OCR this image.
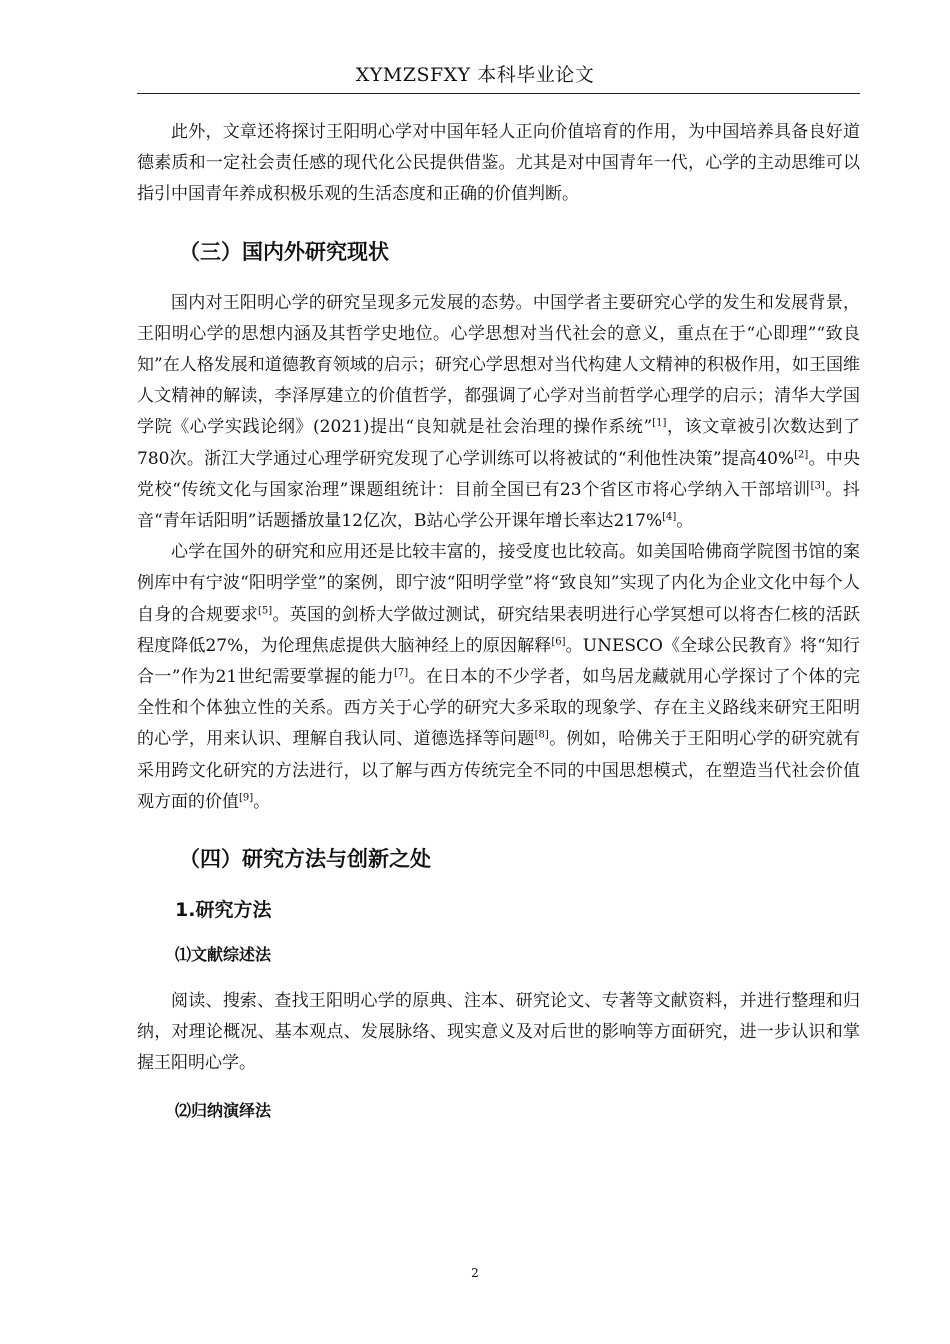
XYMZSFXY 本科毕业论文

此外，文章还将探讨王阳明心学对中国年轻人正向价值培育的作用，为中国培养具备良好道德素质和一定社会责任感的现代化公民提供借鉴。尤其是对中国青年一代，心学的主动思维可以指引中国青年养成积极乐观的生活态度和正确的价值判断。

（三）国内外研究现状

国内对王阳明心学的研究呈现多元发展的态势。中国学者主要研究心学的发生和发展背景，王阳明心学的思想内涵及其哲学史地位。心学思想对当代社会的意义，重点在于“心即理”“致良知”在人格发展和道德教育领域的启示；研究心学思想对当代构建人文精神的积极作用，如王国维人文精神的解读，李泽厚建立的价值哲学，都强调了心学对当前哲学心理学的启示；清华大学国学院《心学实践论纲》(2021)提出“良知就是社会治理的操作系统”[1]，该文章被引次数达到了780次。浙江大学通过心理学研究发现了心学训练可以将被试的“利他性决策”提高40%[2]。中央党校“传统文化与国家治理”课题组统计：目前全国已有23个省区市将心学纳入干部培训[3]。抖音“青年话阳明”话题播放量12亿次，B站心学公开课年增长率达217%[4]。

心学在国外的研究和应用还是比较丰富的，接受度也比较高。如美国哈佛商学院图书馆的案例库中有宁波“阳明学堂”的案例，即宁波“阳明学堂”将“致良知”实现了内化为企业文化中每个人自身的合规要求[5]。英国的剑桥大学做过测试，研究结果表明进行心学冥想可以将杏仁核的活跃程度降低27%，为伦理焦虑提供大脑神经上的原因解释[6]。UNESCO《全球公民教育》将“知行合一”作为21世纪需要掌握的能力[7]。在日本的不少学者，如鸟居龙藏就用心学探讨了个体的完全性和个体独立性的关系。西方关于心学的研究大多采取的现象学、存在主义路线来研究王阳明的心学，用来认识、理解自我认同、道德选择等问题[8]。例如，哈佛关于王阳明心学的研究就有采用跨文化研究的方法进行，以了解与西方传统完全不同的中国思想模式，在塑造当代社会价值观方面的价值[9]。

（四）研究方法与创新之处
1.研究方法
⑴文献综述法

阅读、搜索、查找王阳明心学的原典、注本、研究论文、专著等文献资料，并进行整理和归纳，对理论概况、基本观点、发展脉络、现实意义及对后世的影响等方面研究，进一步认识和掌握王阳明心学。

⑵归纳演绎法
2
